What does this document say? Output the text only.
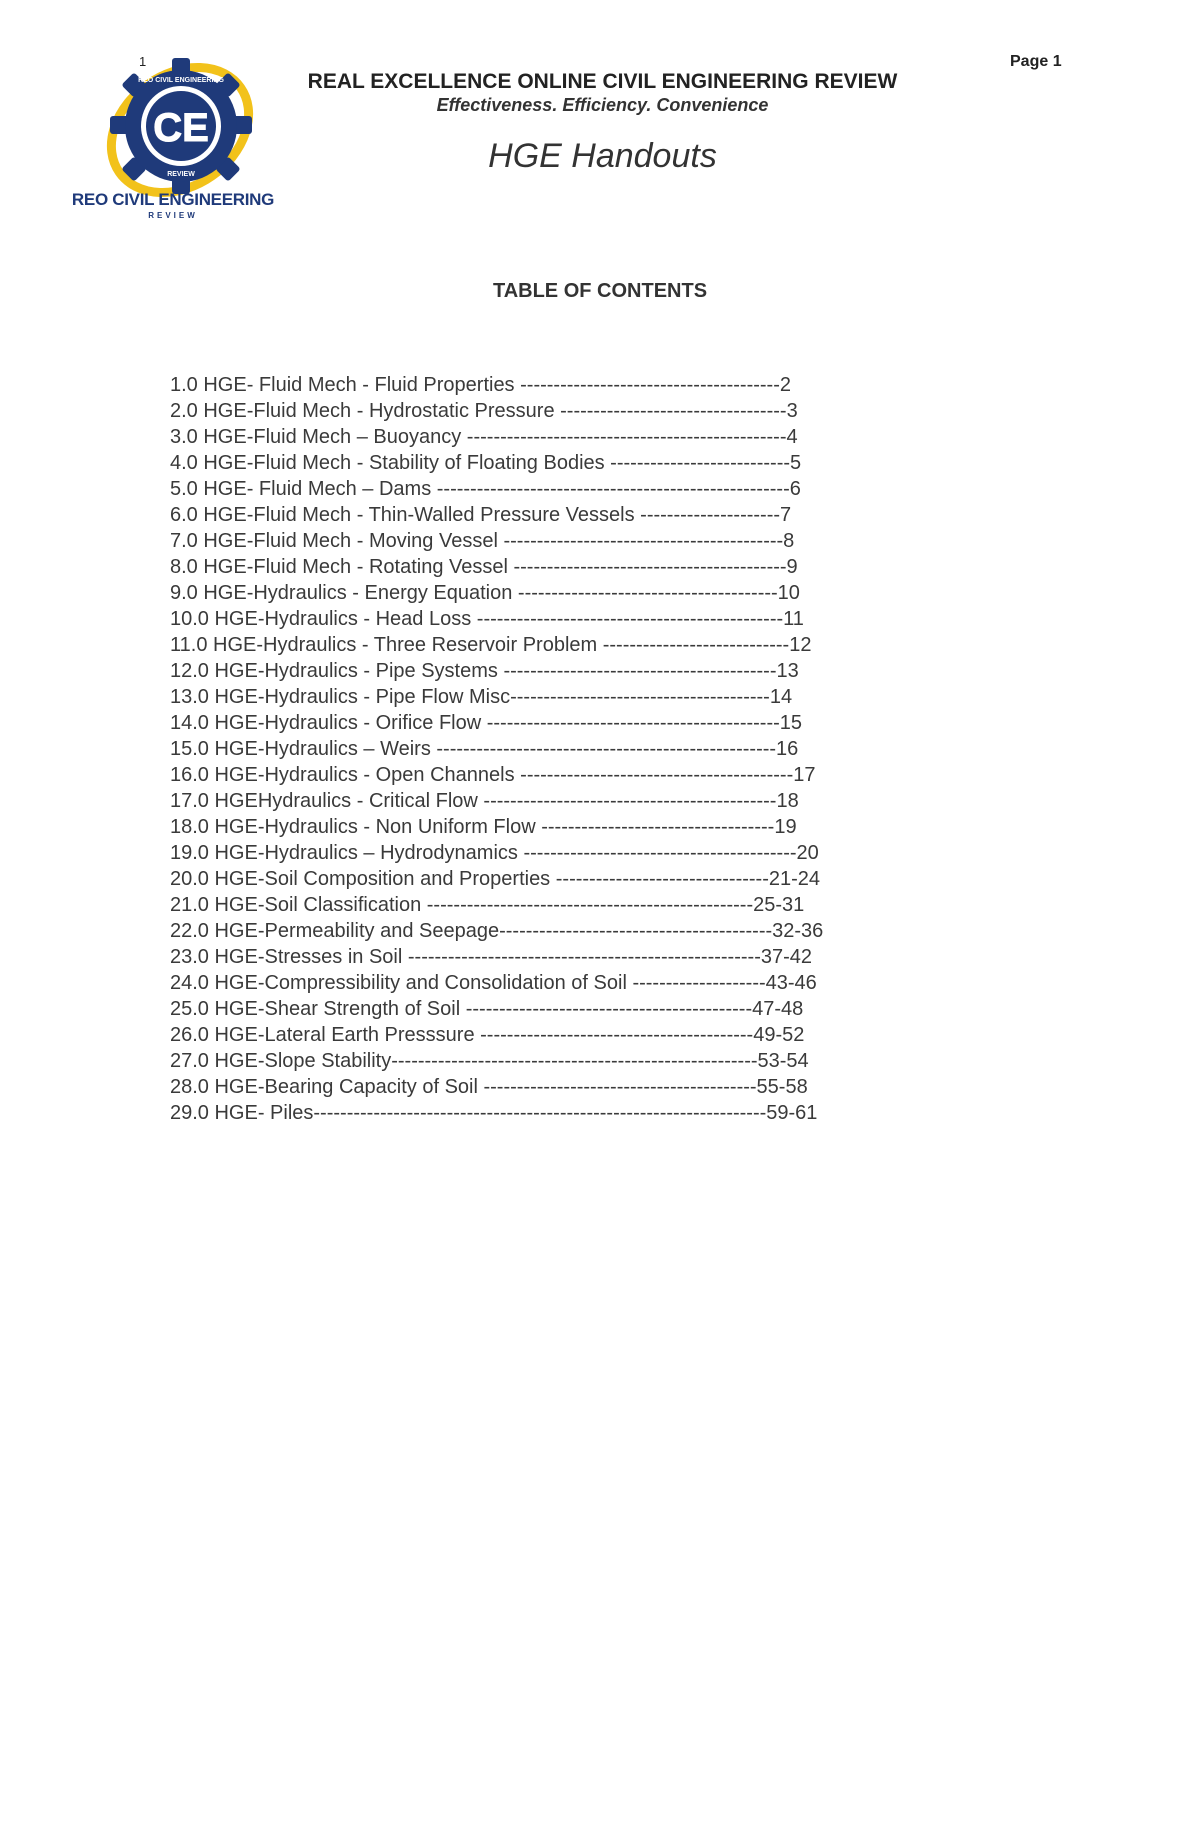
1	Page 1
REO CIVIL ENGINEERING
CE
REVIEW
REO CIVIL ENGINEERING
REVIEW
REAL EXCELLENCE ONLINE CIVIL ENGINEERING REVIEW
Effectiveness. Efficiency. Convenience
HGE Handouts
TABLE OF CONTENTS
1.0 HGE- Fluid Mech - Fluid Properties ---------------------------------------2
2.0 HGE-Fluid Mech - Hydrostatic Pressure ----------------------------------3
3.0 HGE-Fluid Mech – Buoyancy ------------------------------------------------4
4.0 HGE-Fluid Mech - Stability of Floating Bodies ---------------------------5
5.0 HGE- Fluid Mech – Dams -----------------------------------------------------6
6.0 HGE-Fluid Mech - Thin-Walled Pressure Vessels ---------------------7
7.0 HGE-Fluid Mech - Moving Vessel ------------------------------------------8
8.0 HGE-Fluid Mech - Rotating Vessel -----------------------------------------9
9.0 HGE-Hydraulics - Energy Equation ---------------------------------------10
10.0 HGE-Hydraulics - Head Loss ----------------------------------------------11
11.0 HGE-Hydraulics - Three Reservoir Problem ----------------------------12
12.0 HGE-Hydraulics - Pipe Systems -----------------------------------------13
13.0 HGE-Hydraulics - Pipe Flow Misc---------------------------------------14
14.0 HGE-Hydraulics - Orifice Flow --------------------------------------------15
15.0 HGE-Hydraulics – Weirs ---------------------------------------------------16
16.0 HGE-Hydraulics - Open Channels -----------------------------------------17
17.0 HGEHydraulics - Critical Flow --------------------------------------------18
18.0 HGE-Hydraulics - Non Uniform Flow -----------------------------------19
19.0 HGE-Hydraulics – Hydrodynamics -----------------------------------------20
20.0 HGE-Soil Composition and Properties --------------------------------21-24
21.0 HGE-Soil Classification -------------------------------------------------25-31
22.0 HGE-Permeability and Seepage-----------------------------------------32-36
23.0 HGE-Stresses in Soil -----------------------------------------------------37-42
24.0 HGE-Compressibility and Consolidation of Soil --------------------43-46
25.0 HGE-Shear Strength of Soil -------------------------------------------47-48
26.0 HGE-Lateral Earth Presssure -----------------------------------------49-52
27.0 HGE-Slope Stability-------------------------------------------------------53-54
28.0 HGE-Bearing Capacity of Soil -----------------------------------------55-58
29.0 HGE- Piles--------------------------------------------------------------------59-61
